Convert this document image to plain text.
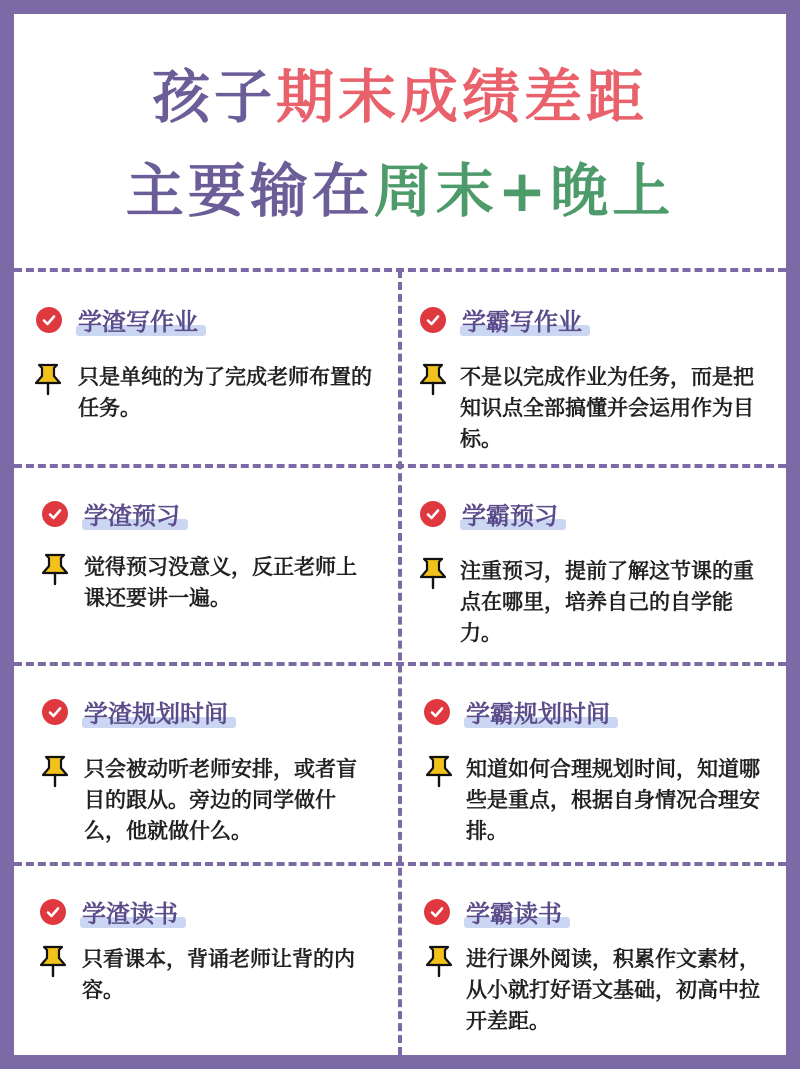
孩子期末成绩差距
主要输在周末+晚上
学渣写作业
只是单纯的为了完成老师布置的任务。
学霸写作业
不是以完成作业为任务，而是把知识点全部搞懂并会运用作为目标。
学渣预习
觉得预习没意义，反正老师上课还要讲一遍。
学霸预习
注重预习，提前了解这节课的重点在哪里，培养自己的自学能力。
学渣规划时间
只会被动听老师安排，或者盲目的跟从。旁边的同学做什么，他就做什么。
学霸规划时间
知道如何合理规划时间，知道哪些是重点，根据自身情况合理安排。
学渣读书
只看课本，背诵老师让背的内容。
学霸读书
进行课外阅读，积累作文素材，从小就打好语文基础，初高中拉开差距。
